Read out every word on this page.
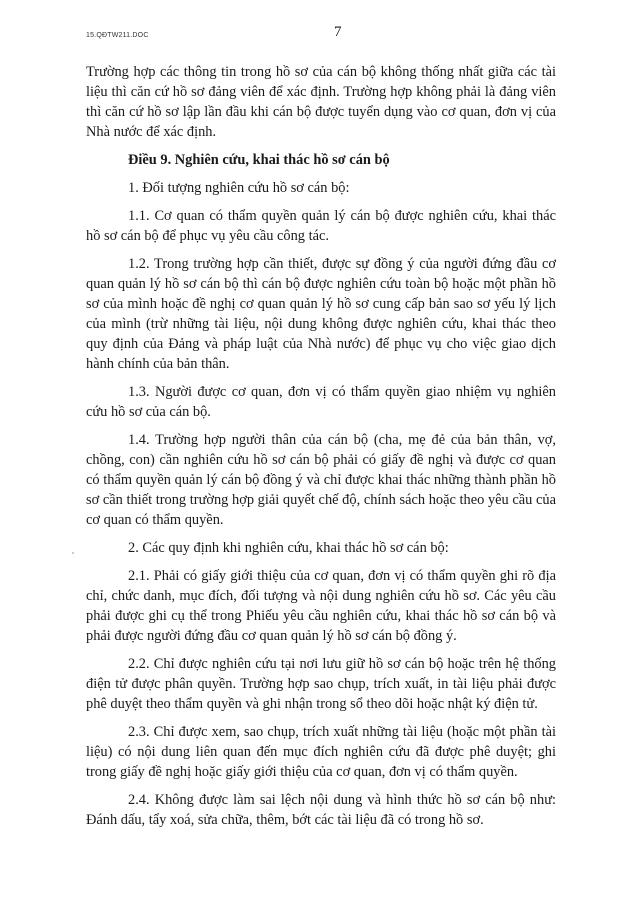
15.QĐTW211.DOC	7

Trường hợp các thông tin trong hồ sơ của cán bộ không thống nhất giữa các tài liệu thì căn cứ hồ sơ đảng viên để xác định. Trường hợp không phải là đảng viên thì căn cứ hồ sơ lập lần đầu khi cán bộ được tuyển dụng vào cơ quan, đơn vị của Nhà nước để xác định.

Điều 9. Nghiên cứu, khai thác hồ sơ cán bộ

1. Đối tượng nghiên cứu hồ sơ cán bộ:

1.1. Cơ quan có thẩm quyền quản lý cán bộ được nghiên cứu, khai thác hồ sơ cán bộ để phục vụ yêu cầu công tác.

1.2. Trong trường hợp cần thiết, được sự đồng ý của người đứng đầu cơ quan quản lý hồ sơ cán bộ thì cán bộ được nghiên cứu toàn bộ hoặc một phần hồ sơ của mình hoặc đề nghị cơ quan quản lý hồ sơ cung cấp bản sao sơ yếu lý lịch của mình (trừ những tài liệu, nội dung không được nghiên cứu, khai thác theo quy định của Đảng và pháp luật của Nhà nước) để phục vụ cho việc giao dịch hành chính của bản thân.

1.3. Người được cơ quan, đơn vị có thẩm quyền giao nhiệm vụ nghiên cứu hồ sơ của cán bộ.

1.4. Trường hợp người thân của cán bộ (cha, mẹ đẻ của bản thân, vợ, chồng, con) cần nghiên cứu hồ sơ cán bộ phải có giấy đề nghị và được cơ quan có thẩm quyền quản lý cán bộ đồng ý và chỉ được khai thác những thành phần hồ sơ cần thiết trong trường hợp giải quyết chế độ, chính sách hoặc theo yêu cầu của cơ quan có thẩm quyền.

2. Các quy định khi nghiên cứu, khai thác hồ sơ cán bộ:

2.1. Phải có giấy giới thiệu của cơ quan, đơn vị có thẩm quyền ghi rõ địa chỉ, chức danh, mục đích, đối tượng và nội dung nghiên cứu hồ sơ. Các yêu cầu phải được ghi cụ thể trong Phiếu yêu cầu nghiên cứu, khai thác hồ sơ cán bộ và phải được người đứng đầu cơ quan quản lý hồ sơ cán bộ đồng ý.

2.2. Chỉ được nghiên cứu tại nơi lưu giữ hồ sơ cán bộ hoặc trên hệ thống điện tử được phân quyền. Trường hợp sao chụp, trích xuất, in tài liệu phải được phê duyệt theo thẩm quyền và ghi nhận trong sổ theo dõi hoặc nhật ký điện tử.

2.3. Chỉ được xem, sao chụp, trích xuất những tài liệu (hoặc một phần tài liệu) có nội dung liên quan đến mục đích nghiên cứu đã được phê duyệt; ghi trong giấy đề nghị hoặc giấy giới thiệu của cơ quan, đơn vị có thẩm quyền.

2.4. Không được làm sai lệch nội dung và hình thức hồ sơ cán bộ như: Đánh dấu, tẩy xoá, sửa chữa, thêm, bớt các tài liệu đã có trong hồ sơ.
